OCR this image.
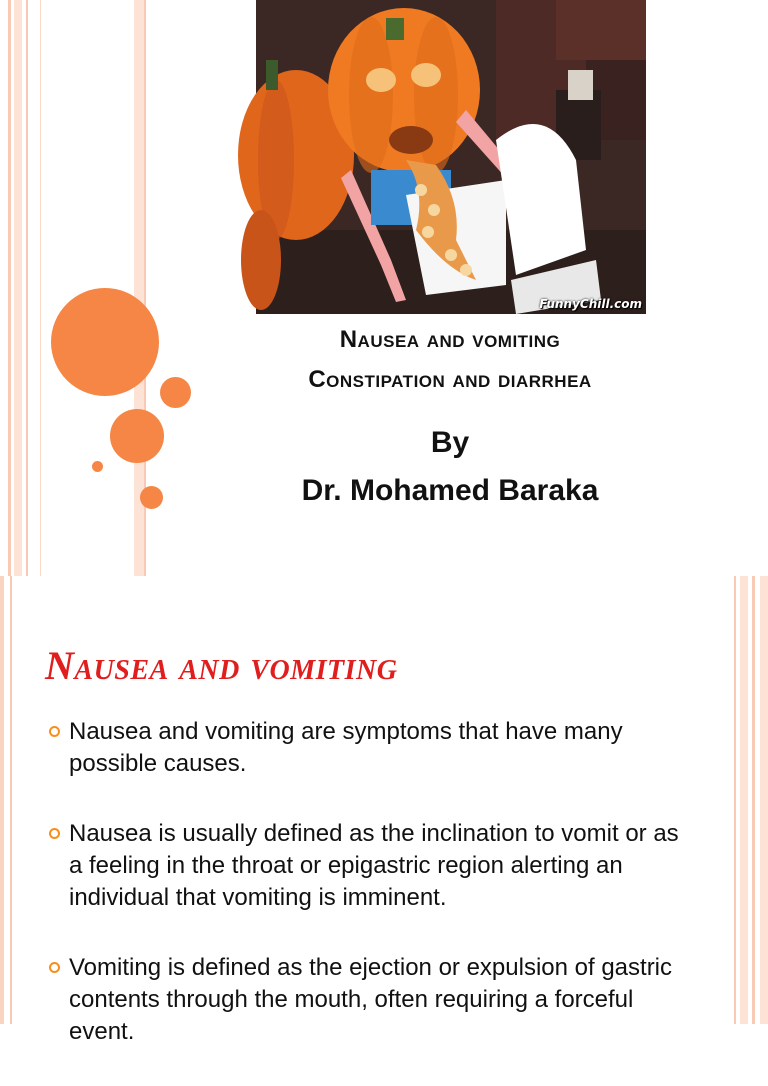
FunnyChill.com
Nausea and vomiting
Constipation and diarrhea
By
Dr. Mohamed Baraka
Nausea and vomiting
Nausea and vomiting are symptoms that have many possible causes.
Nausea is usually defined as the inclination to vomit or as a feeling in the throat or epigastric region alerting an individual that vomiting is imminent.
Vomiting is defined as the ejection or expulsion of gastric contents through the mouth, often requiring a forceful event.
